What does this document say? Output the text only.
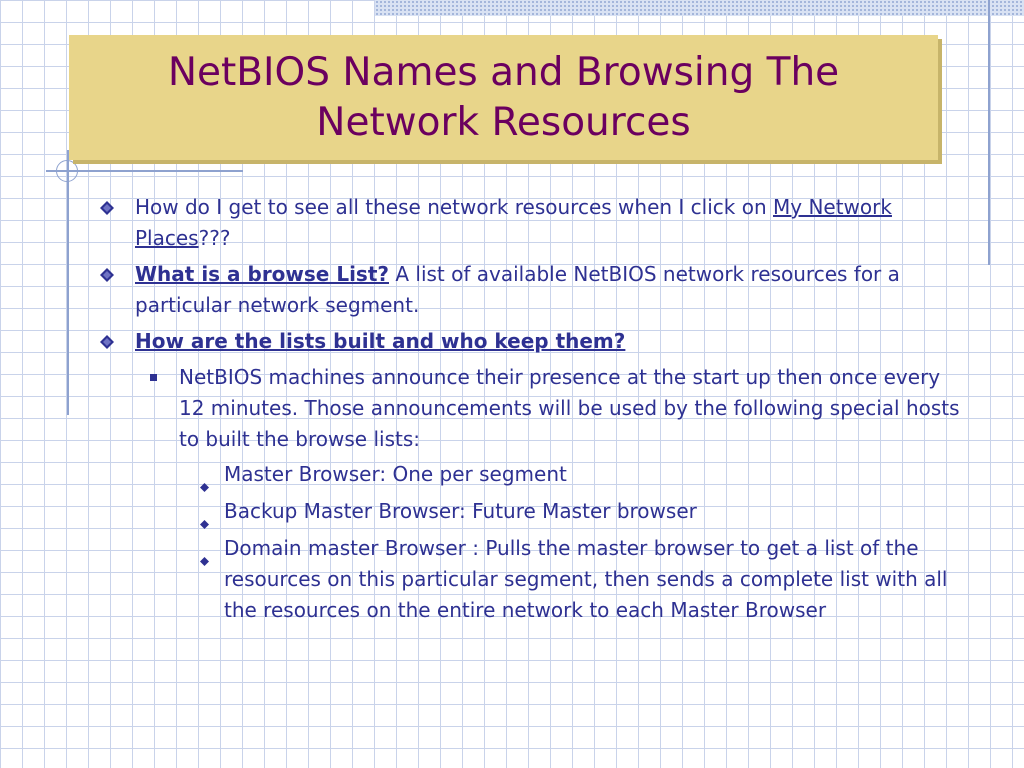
NetBIOS Names and Browsing The
Network Resources
How do I get to see all these network resources when I click on My Network Places???
What is a browse List? A list of available NetBIOS network resources for a particular network segment.
How are the lists built and who keep them?
NetBIOS machines announce their presence at the start up then once every 12 minutes. Those announcements will be used by the following special hosts to built the browse lists:
Master Browser: One per segment
Backup Master Browser: Future Master browser
Domain master Browser : Pulls the master browser to get a list of the resources on this particular segment, then sends a complete list with all the resources on the entire network to each Master Browser
